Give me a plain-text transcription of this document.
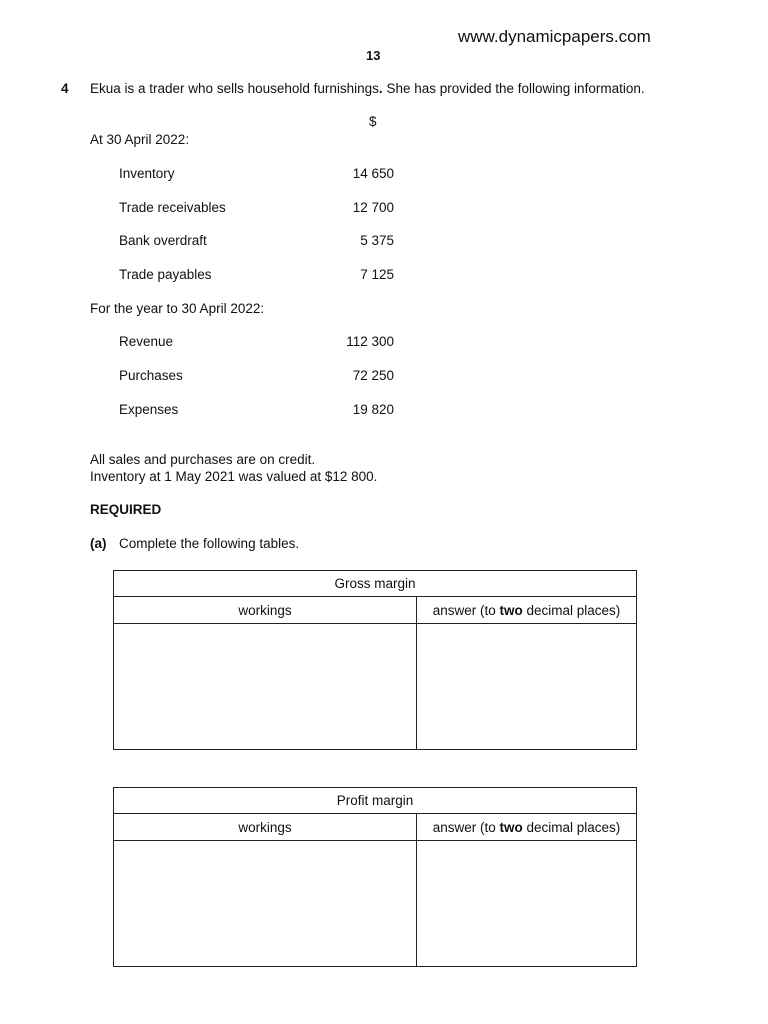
www.dynamicpapers.com
13
4 Ekua is a trader who sells household furnishings. She has provided the following information.
$
At 30 April 2022:
Inventory	14 650
Trade receivables	12 700
Bank overdraft	5 375
Trade payables	7 125
For the year to 30 April 2022:
Revenue	112 300
Purchases	72 250
Expenses	19 820
All sales and purchases are on credit.
Inventory at 1 May 2021 was valued at $12 800.
REQUIRED
(a) Complete the following tables.
Gross margin	
workings	answer (to two decimal places)

Profit margin	
workings	answer (to two decimal places)
